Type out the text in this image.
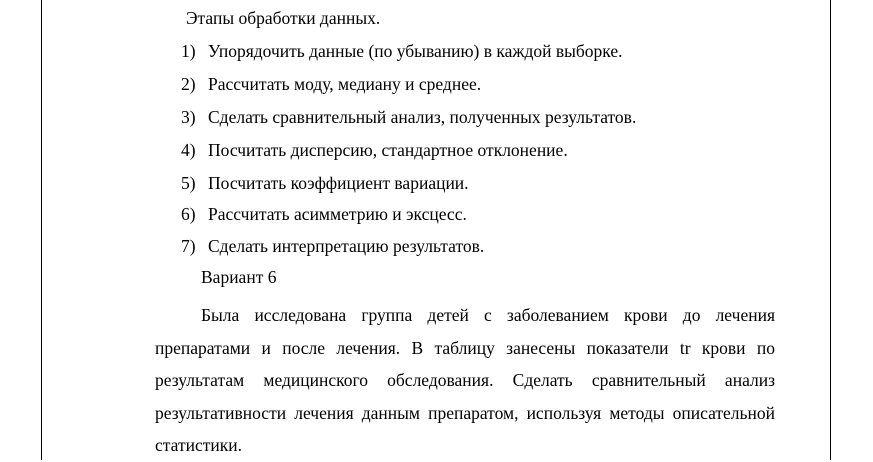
Этапы обработки данных.

1) Упорядочить данные (по убыванию) в каждой выборке.

2) Рассчитать моду, медиану и среднее.

3) Сделать сравнительный анализ, полученных результатов.

4) Посчитать дисперсию, стандартное отклонение.

5) Посчитать коэффициент вариации.

6) Рассчитать асимметрию и эксцесс.

7) Сделать интерпретацию результатов.

Вариант 6

Была исследована группа детей с заболеванием крови до лечения препаратами и после лечения. В таблицу занесены показатели tr крови по результатам медицинского обследования. Сделать сравнительный анализ результативности лечения данным препаратом, используя методы описательной статистики.
